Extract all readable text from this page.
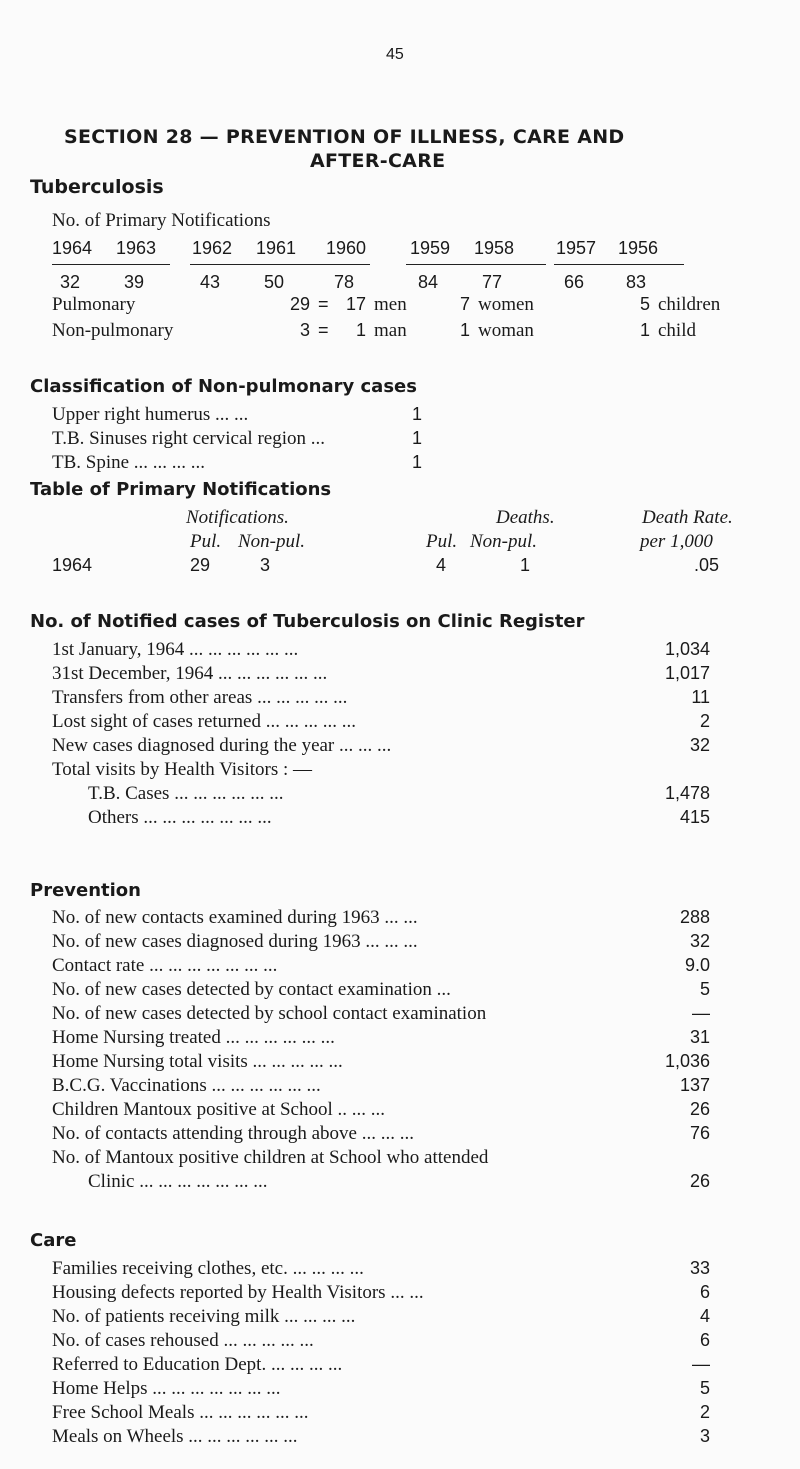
45
SECTION 28 — PREVENTION OF ILLNESS, CARE AND
AFTER-CARE
Tuberculosis
No. of Primary Notifications
1964 1963 1962 1961 1960 1959 1958 1957 1956
32 39	43 50	78	84 77	66 83
Pulmonary	29 = 17 men	7 women	5 children
Non-pulmonary	3 =	1 man	1 woman	1 child
Classification of Non-pulmonary cases
Upper right humerus ... ...	1
T.B. Sinuses right cervical region ...	1
TB. Spine ... ... ... ...	1
Table of Primary Notifications
Notifications.	Deaths.	Death Rate.
Pul. Non-pul.	Pul. Non-pul.	per 1,000
1964	29	3	4	1	.05
No. of Notified cases of Tuberculosis on Clinic Register
1st January, 1964 ... ... ... ... ... ...	1,034
31st December, 1964 ... ... ... ... ... ...	1,017
Transfers from other areas ... ... ... ... ...	11
Lost sight of cases returned ... ... ... ... ...	2
New cases diagnosed during the year ... ... ...	32
Total visits by Health Visitors : —
T.B. Cases ... ... ... ... ... ...	1,478
Others ... ... ... ... ... ... ...	415
Prevention
No. of new contacts examined during 1963 ... ...	288
No. of new cases diagnosed during 1963 ... ... ...	32
Contact rate ... ... ... ... ... ... ...	9.0
No. of new cases detected by contact examination ...	5
No. of new cases detected by school contact examination	—
Home Nursing treated ... ... ... ... ... ...	31
Home Nursing total visits ... ... ... ... ...	1,036
B.C.G. Vaccinations ... ... ... ... ... ...	137
Children Mantoux positive at School .. ... ...	26
No. of contacts attending through above ... ... ...	76
No. of Mantoux positive children at School who attended
Clinic ... ... ... ... ... ... ...	26
Care
Families receiving clothes, etc. ... ... ... ...	33
Housing defects reported by Health Visitors ... ...	6
No. of patients receiving milk ... ... ... ...	4
No. of cases rehoused ... ... ... ... ...	6
Referred to Education Dept. ... ... ... ...	—
Home Helps ... ... ... ... ... ... ...	5
Free School Meals ... ... ... ... ... ...	2
Meals on Wheels ... ... ... ... ... ...	3
